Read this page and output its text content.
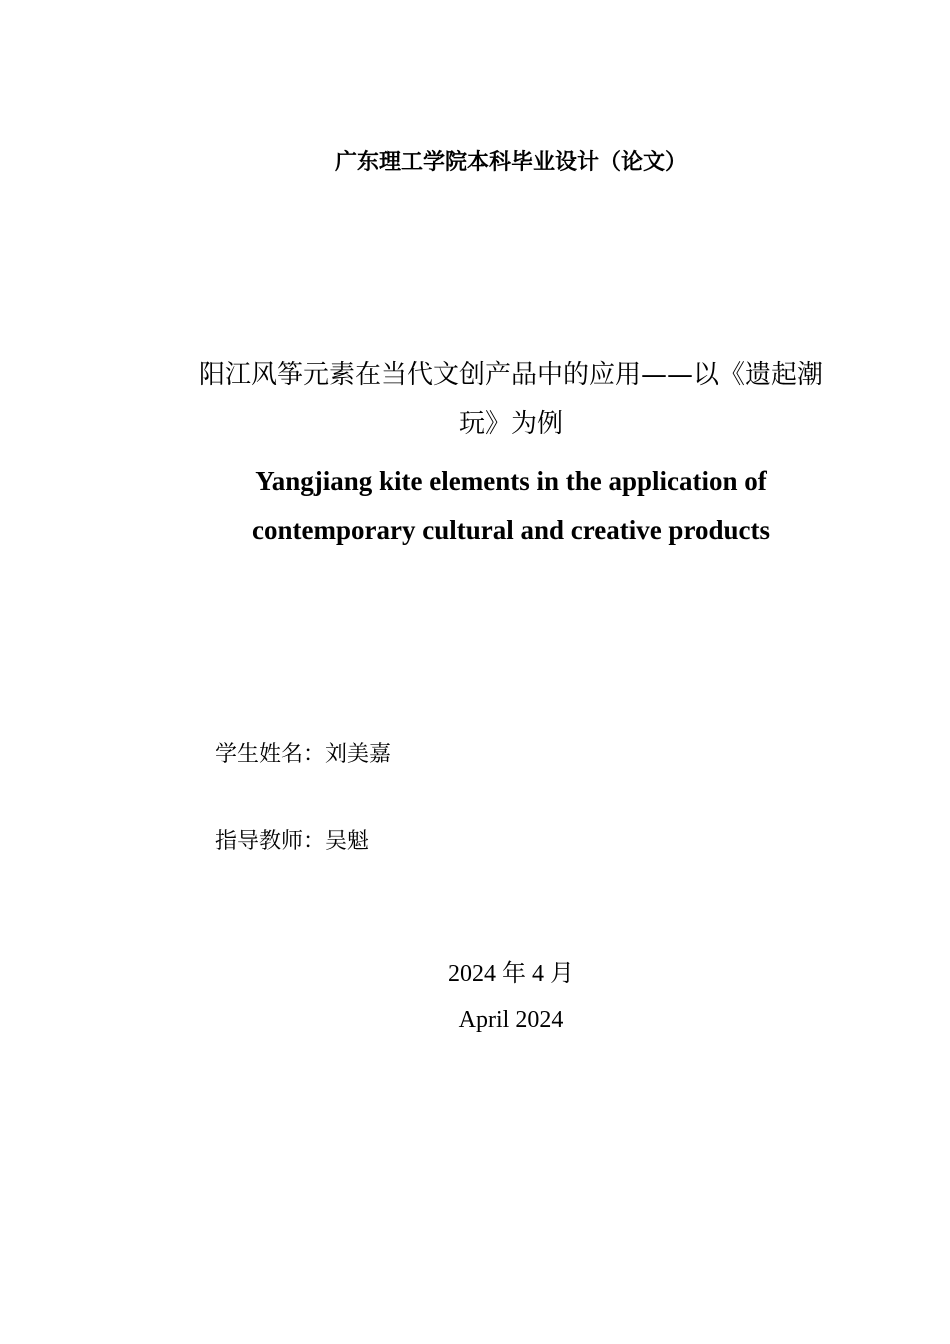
广东理工学院本科毕业设计（论文）
阳江风筝元素在当代文创产品中的应用——以《遗起潮
玩》为例
Yangjiang kite elements in the application of
contemporary cultural and creative products
学生姓名：刘美嘉
指导教师：吴魁
2024 年 4 月
April 2024
